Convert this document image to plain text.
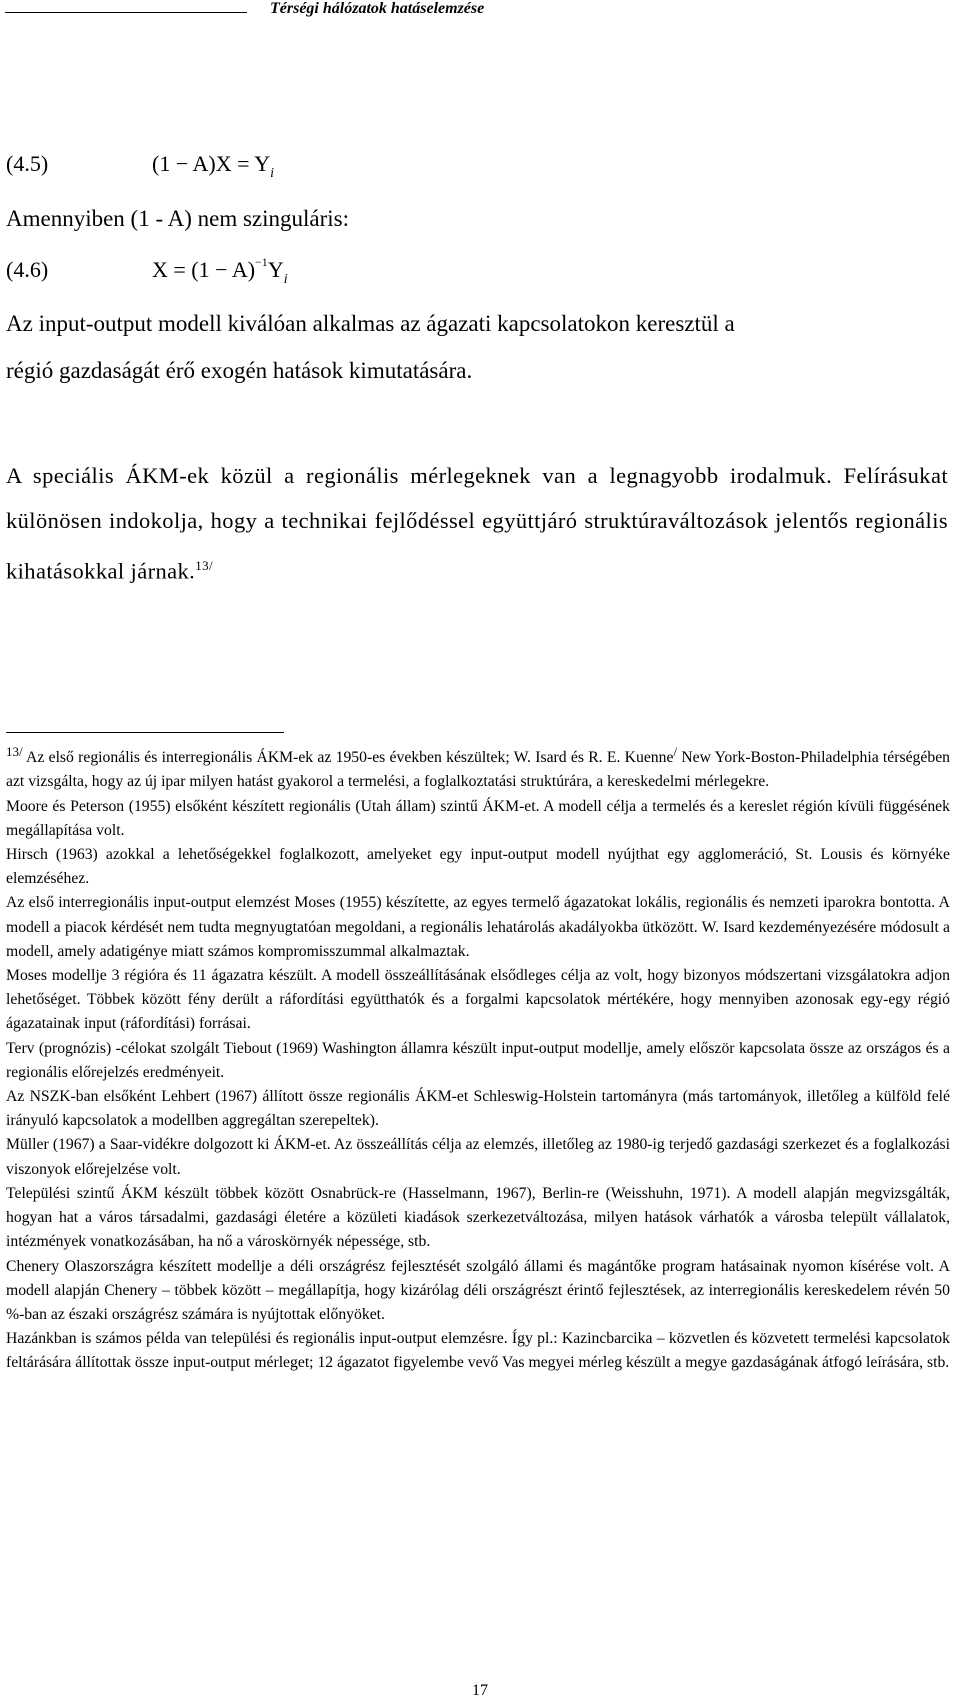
Térségi hálózatok hatáselemzése
(4.5)	$(1 - A)X = Y_i$
Amennyiben (1 - A) nem szinguláris:
(4.6)	$X = (1 - A)^{-1}Y_i$
Az input-output modell kiválóan alkalmas az ágazati kapcsolatokon keresztül a
régió gazdaságát érő exogén hatások kimutatására.
A speciális ÁKM-ek közül a regionális mérlegeknek van a legnagyobb irodalmuk. Felírásukat különösen indokolja, hogy a technikai fejlődéssel együttjáró struktúraváltozások jelentős regionális kihatásokkal járnak.$^{13/}$

$^{13/}$ Az első regionális és interregionális ÁKM-ek az 1950-es években készültek; W. Isard és R. E. Kuenne/ New York-Boston-Philadelphia térségében azt vizsgálta, hogy az új ipar milyen hatást gyakorol a termelési, a foglalkoztatási struktúrára, a kereskedelmi mérlegekre.

Moore és Peterson (1955) elsőként készített regionális (Utah állam) szintű ÁKM-et. A modell célja a termelés és a kereslet régión kívüli függésének megállapítása volt.

Hirsch (1963) azokkal a lehetőségekkel foglalkozott, amelyeket egy input-output modell nyújthat egy agglomeráció, St. Lousis és környéke elemzéséhez.

Az első interregionális input-output elemzést Moses (1955) készítette, az egyes termelő ágazatokat lokális, regionális és nemzeti iparokra bontotta. A modell a piacok kérdését nem tudta megnyugtatóan megoldani, a regionális lehatárolás akadályokba ütközött. W. Isard kezdeményezésére módosult a modell, amely adatigénye miatt számos kompromisszummal alkalmaztak.

Moses modellje 3 régióra és 11 ágazatra készült. A modell összeállításának elsődleges célja az volt, hogy bizonyos módszertani vizsgálatokra adjon lehetőséget. Többek között fény derült a ráfordítási együtthatók és a forgalmi kapcsolatok mértékére, hogy mennyiben azonosak egy-egy régió ágazatainak input (ráfordítási) forrásai.

Terv (prognózis) -célokat szolgált Tiebout (1969) Washington államra készült input-output modellje, amely először kapcsolata össze az országos és a regionális előrejelzés eredményeit.

Az NSZK-ban elsőként Lehbert (1967) állított össze regionális ÁKM-et Schleswig-Holstein tartományra (más tartományok, illetőleg a külföld felé irányuló kapcsolatok a modellben aggregáltan szerepeltek).

Müller (1967) a Saar-vidékre dolgozott ki ÁKM-et. Az összeállítás célja az elemzés, illetőleg az 1980-ig terjedő gazdasági szerkezet és a foglalkozási viszonyok előrejelzése volt.

Települési szintű ÁKM készült többek között Osnabrück-re (Hasselmann, 1967), Berlin-re (Weisshuhn, 1971). A modell alapján megvizsgálták, hogyan hat a város társadalmi, gazdasági életére a közületi kiadások szerkezetváltozása, milyen hatások várhatók a városba települt vállalatok, intézmények vonatkozásában, ha nő a városkörnyék népessége, stb.

Chenery Olaszországra készített modellje a déli országrész fejlesztését szolgáló állami és magántőke program hatásainak nyomon kísérése volt. A modell alapján Chenery – többek között – megállapítja, hogy kizárólag déli országrészt érintő fejlesztések, az interregionális kereskedelem révén 50 %-ban az északi országrész számára is nyújtottak előnyöket.

Hazánkban is számos példa van települési és regionális input-output elemzésre. Így pl.: Kazincbarcika – közvetlen és közvetett termelési kapcsolatok feltárására állítottak össze input-output mérleget; 12 ágazatot figyelembe vevő Vas megyei mérleg készült a megye gazdaságának átfogó leírására, stb.

17
